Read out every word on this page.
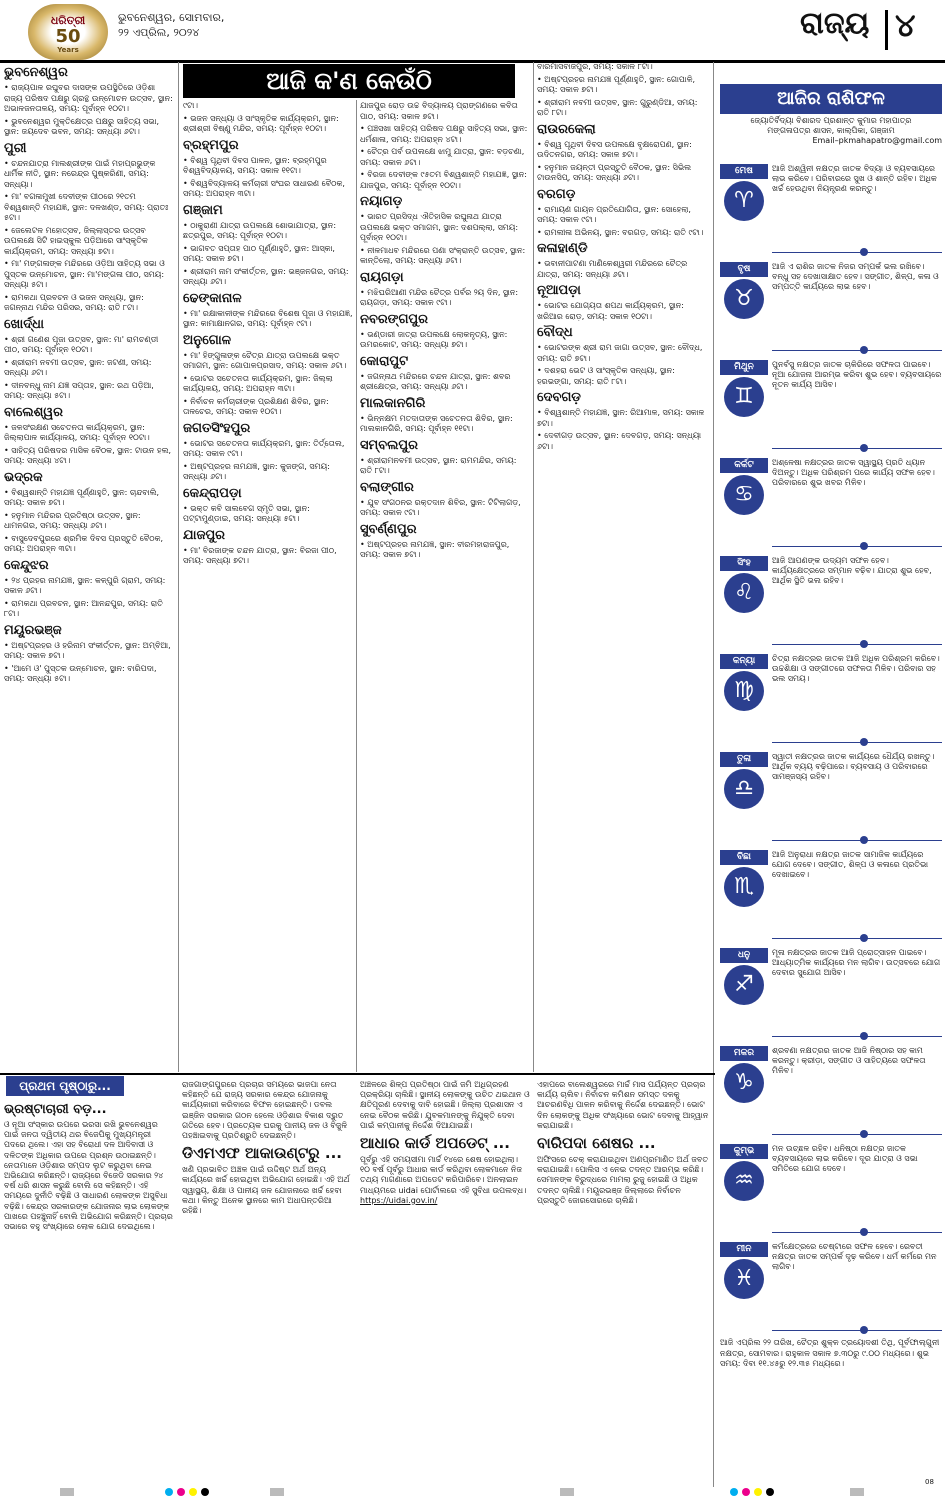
ଧରିତ୍ରୀ
50
Years
ଭୁବନେଶ୍ୱର, ସୋମବାର,
୨୨ ଏପ୍ରିଲ, ୨୦୨୪	ରାଜ୍ୟ ୪
ଆଜି କ'ଣ କେଉଁଠି
ଭୁବନେଶ୍ୱର

• ରାଜ୍ୟପାଳ ରଘୁବର ଦାସଙ୍କ ଉପସ୍ଥିତିରେ ଓଡ଼ିଶା ରାଜ୍ୟ ପରିଷଦ ପକ୍ଷରୁ ଗ୍ରନ୍ଥ ଉନ୍ମୋଚନ ଉତ୍ସବ, ସ୍ଥାନ: ଅଭାଳଜନତାଳୟ, ସମୟ: ପୂର୍ବାହ୍ନ ୧୦ଟା।

• ଭୁବନେଶ୍ୱର ମୁକ୍ତିକ୍ଷେତ୍ର ପକ୍ଷରୁ ସାହିତ୍ୟ ସଭା, ସ୍ଥାନ: ଜୟଦେବ ଭବନ, ସମୟ: ସନ୍ଧ୍ୟା ୬ଟା।

ପୁରୀ

• ଚନ୍ଦନଯାତ୍ରା ମାଲଶ୍ରୀଙ୍କ ପାଇଁ ମହାପ୍ରଭୁଙ୍କ ଧାର୍ମିକ ନୀତି, ସ୍ଥାନ: ନରେନ୍ଦ୍ର ପୁଷ୍କରିଣୀ, ସମୟ: ସନ୍ଧ୍ୟା।

• ମା' ବଗଳାମୁଖୀ ଦେବୀଙ୍କ ପୀଠରେ ୨୧ତମ ବିଶ୍ୱଶାନ୍ତି ମହାଯଜ୍ଞ, ସ୍ଥାନ: ଦଳଖଣ୍ଡ, ସମୟ: ପ୍ରାତଃ ୫ଟା।

• ଜେଲେଟଳ ମହୋତ୍ସବ, ଜିଲ୍ଲାସ୍ତର ଉତ୍ସବ ଉପଲକ୍ଷେ ସିଟି ହାଇସ୍କୁଲ ପଡ଼ିଆରେ ସାଂସ୍କୃତିକ କାର୍ଯ୍ୟକ୍ରମ, ସମୟ: ସନ୍ଧ୍ୟା ୭ଟା।

• ମା' ମଙ୍ଗଳାଙ୍କ ମନ୍ଦିରରେ ଓଡ଼ିଆ ସାହିତ୍ୟ ସଭା ଓ ପୁସ୍ତକ ଉନ୍ମୋଚନ, ସ୍ଥାନ: ମା'ମଙ୍ଗଳା ପୀଠ, ସମୟ: ସନ୍ଧ୍ୟା ୫ଟା।

• ରାମକଥା ପ୍ରବଚନ ଓ ଭଜନ ସନ୍ଧ୍ୟା, ସ୍ଥାନ: ଜଗନ୍ନାଥ ମନ୍ଦିର ପରିସର, ସମୟ: ରାତି ୮ଟା।

ଖୋର୍ଦ୍ଧା

• ଶ୍ରୀ ଗଣେଶ ପୂଜା ଉତ୍ସବ, ସ୍ଥାନ: ମା' ରାମଚଣ୍ଡୀ ପୀଠ, ସମୟ: ପୂର୍ବାହ୍ନ ୧୦ଟା।

• ଶ୍ରୀରାମ ନବମୀ ଉତ୍ସବ, ସ୍ଥାନ: ଜଟଣୀ, ସମୟ: ସନ୍ଧ୍ୟା ୬ଟା।

• ଦୀନବନ୍ଧୁ ନାମ ଯଜ୍ଞ ସପ୍ତାହ, ସ୍ଥାନ: ରଥ ପଡ଼ିଆ, ସମୟ: ସନ୍ଧ୍ୟା ୫ଟା।

ବାଲେଶ୍ୱର

• ଜଳସଂରକ୍ଷଣ ସଚେତନତା କାର୍ଯ୍ୟକ୍ରମ, ସ୍ଥାନ: ଜିଲ୍ଲାପାଳ କାର୍ଯ୍ୟାଳୟ, ସମୟ: ପୂର୍ବାହ୍ନ ୧୦ଟା।

• ସାହିତ୍ୟ ପରିଷଦର ମାସିକ ବୈଠକ, ସ୍ଥାନ: ଟାଉନ ହଲ, ସମୟ: ସନ୍ଧ୍ୟା ୪ଟା।

ଭଦ୍ରକ

• ବିଶ୍ୱଶାନ୍ତି ମହାଯଜ୍ଞ ପୂର୍ଣ୍ଣାହୁତି, ସ୍ଥାନ: ଚାନ୍ଦବାଲି, ସମୟ: ସକାଳ ୭ଟା।

• ହନୁମାନ ମନ୍ଦିରର ପ୍ରତିଷ୍ଠା ଉତ୍ସବ, ସ୍ଥାନ: ଧାମନଗର, ସମୟ: ସନ୍ଧ୍ୟା ୬ଟା।

• ବାସୁଦେବପୁରରେ ଶ୍ରମିକ ଦିବସ ପ୍ରସ୍ତୁତି ବୈଠକ, ସମୟ: ଅପରାହ୍ନ ୩ଟା।

କେନ୍ଦୁଝର

• ୨୪ ପ୍ରହର ନାମଯଜ୍ଞ, ସ୍ଥାନ: କଳ୍ପୁରି ଗ୍ରାମ, ସମୟ: ସକାଳ ୬ଟା।

• ରାମକଥା ପ୍ରବଚନ, ସ୍ଥାନ: ଆନନ୍ଦପୁର, ସମୟ: ରାତି ୮ଟା।

ମୟୂରଭଞ୍ଜ

• ଅଷ୍ଟପ୍ରହର ଓ ହରିନାମ ସଂକୀର୍ତ୍ତନ, ସ୍ଥାନ: ଅମ୍ବିଆ, ସମୟ: ସକାଳ ୭ଟା।

• 'ଆମେ ଓ' ପୁସ୍ତକ ଉନ୍ମୋଚନ, ସ୍ଥାନ: ବାରିପଦା, ସମୟ: ସନ୍ଧ୍ୟା ୫ଟା।

୯ଟା।

• ଭଜନ ସନ୍ଧ୍ୟା ଓ ସାଂସ୍କୃତିକ କାର୍ଯ୍ୟକ୍ରମ, ସ୍ଥାନ: ଶ୍ରୀଶ୍ରୀ ବିଷ୍ଣୁ ମନ୍ଦିର, ସମୟ: ପୂର୍ବାହ୍ନ ୧୦ଟା।

ବ୍ରହ୍ମପୁର

• ବିଶ୍ୱ ପୃଥିବୀ ଦିବସ ପାଳନ, ସ୍ଥାନ: ବ୍ରହ୍ମପୁର ବିଶ୍ୱବିଦ୍ୟାଳୟ, ସମୟ: ସକାଳ ୧୧ଟା।

• ବିଶ୍ୱବିଦ୍ୟାଳୟ କର୍ମଚାରୀ ସଂଘର ସାଧାରଣ ବୈଠକ, ସମୟ: ଅପରାହ୍ନ ୩ଟା।

ଗଞ୍ଜାମ

• ଠାକୁରାଣୀ ଯାତ୍ରା ଉପଲକ୍ଷେ ଶୋଭାଯାତ୍ରା, ସ୍ଥାନ: ଛତ୍ରପୁର, ସମୟ: ପୂର୍ବାହ୍ନ ୧୦ଟା।

• ଭାଗବତ ସପ୍ତାହ ପାଠ ପୂର୍ଣ୍ଣାହୁତି, ସ୍ଥାନ: ଆସ୍କା, ସମୟ: ସକାଳ ୭ଟା।

• ଶ୍ରୀରାମ ନାମ ସଂକୀର୍ତ୍ତନ, ସ୍ଥାନ: ଭଞ୍ଜନଗର, ସମୟ: ସନ୍ଧ୍ୟା ୬ଟା।

ଢେଙ୍କାନାଳ

• ମା' ରକ୍ଷାକାଳୀଙ୍କ ମନ୍ଦିରରେ ବିଶେଷ ପୂଜା ଓ ମହାଯଜ୍ଞ, ସ୍ଥାନ: କାମାକ୍ଷାନଗର, ସମୟ: ପୂର୍ବାହ୍ନ ୯ଟା।

ଅନୁଗୋଳ

• ମା' ହିଙ୍ଗୁଳାଙ୍କ ଚୈତ୍ର ଯାତ୍ରା ଉପଲକ୍ଷେ ଭକ୍ତ ସମାଗମ, ସ୍ଥାନ: ଗୋପାଳପ୍ରସାଦ, ସମୟ: ସକାଳ ୬ଟା।

• ଭୋଟର ସଚେତନତା କାର୍ଯ୍ୟକ୍ରମ, ସ୍ଥାନ: ଜିଲ୍ଲା କାର୍ଯ୍ୟାଳୟ, ସମୟ: ଅପରାହ୍ନ ୩ଟା।

• ନିର୍ବାଚନ କର୍ମଚାରୀଙ୍କ ପ୍ରଶିକ୍ଷଣ ଶିବିର, ସ୍ଥାନ: ତାଳଚେର, ସମୟ: ସକାଳ ୧୦ଟା।

ଜଗତସିଂହପୁର

• ଭୋଟର ସଚେତନତା କାର୍ଯ୍ୟକ୍ରମ, ସ୍ଥାନ: ତିର୍ତ୍ତୋଲ, ସମୟ: ସକାଳ ୯ଟା।

• ଅଷ୍ଟପ୍ରହର ନାମଯଜ୍ଞ, ସ୍ଥାନ: କୁଜଙ୍ଗ, ସମୟ: ସନ୍ଧ୍ୟା ୬ଟା।

କେନ୍ଦ୍ରାପଡ଼ା

• ଭକ୍ତ କବି ସାଲବେଗ ସ୍ମୃତି ସଭା, ସ୍ଥାନ: ପଟ୍ଟାମୁଣ୍ଡାଇ, ସମୟ: ସନ୍ଧ୍ୟା ୫ଟା।

ଯାଜପୁର

• ମା' ବିରଜାଙ୍କ ଚନ୍ଦନ ଯାତ୍ରା, ସ୍ଥାନ: ବିରଜା ପୀଠ, ସମୟ: ସନ୍ଧ୍ୟା ୭ଟା।

ଯାଜପୁର ରୋଡ଼ ଉଚ୍ଚ ବିଦ୍ୟାଳୟ ପ୍ରାଙ୍ଗଣରେ କବିତା ପାଠ, ସମୟ: ସକାଳ ୭ଟା।

• ପଞ୍ଚସଖା ସାହିତ୍ୟ ପରିଷଦ ପକ୍ଷରୁ ସାହିତ୍ୟ ସଭା, ସ୍ଥାନ: ଧର୍ମଶାଳା, ସମୟ: ଅପରାହ୍ନ ୪ଟା।

• ଚୈତ୍ର ପର୍ବ ଉପଲକ୍ଷେ ଝାମୁ ଯାତ୍ରା, ସ୍ଥାନ: ବଡ଼ଚଣା, ସମୟ: ସକାଳ ୬ଟା।

• ବିରଜା ଦେବୀଙ୍କ ୯୫ତମ ବିଶ୍ୱଶାନ୍ତି ମହାଯଜ୍ଞ, ସ୍ଥାନ: ଯାଜପୁର, ସମୟ: ପୂର୍ବାହ୍ନ ୧୦ଟା।

ନୟାଗଡ଼

• ଭାରତ ପ୍ରସିଦ୍ଧ ଐତିହାସିକ ରଘୁନାଥ ଯାତ୍ରା ଉପଲକ୍ଷେ ଭକ୍ତ ସମାଗମ, ସ୍ଥାନ: ଦଶପଲ୍ଲା, ସମୟ: ପୂର୍ବାହ୍ନ ୧୦ଟା।

• ନୀଳମାଧବ ମନ୍ଦିରରେ ପଣା ସଂକ୍ରାନ୍ତି ଉତ୍ସବ, ସ୍ଥାନ: କାନ୍ତିଲୋ, ସମୟ: ସନ୍ଧ୍ୟା ୬ଟା।

ରାୟଗଡ଼ା

• ମଝିଘରିଆଣୀ ମନ୍ଦିର ଚୈତ୍ର ପର୍ବର ୨ୟ ଦିନ, ସ୍ଥାନ: ରାୟଗଡ଼ା, ସମୟ: ସକାଳ ୯ଟା।

ନବରଙ୍ଗପୁର

• ଭଣ୍ଡାରୀ ଜାତ୍ରା ଉପଲକ୍ଷେ ଲୋକନୃତ୍ୟ, ସ୍ଥାନ: ଉମରକୋଟ, ସମୟ: ସନ୍ଧ୍ୟା ୭ଟା।

କୋରାପୁଟ

• ଜଗନ୍ନାଥ ମନ୍ଦିରରେ ଚନ୍ଦନ ଯାତ୍ରା, ସ୍ଥାନ: ଶବର ଶ୍ରୀକ୍ଷେତ୍ର, ସମୟ: ସନ୍ଧ୍ୟା ୬ଟା।

ମାଲକାନଗିରି

• ଭିନ୍ନକ୍ଷମ ମତଦାତାଙ୍କ ସଚେତନତା ଶିବିର, ସ୍ଥାନ: ମାଲକାନଗିରି, ସମୟ: ପୂର୍ବାହ୍ନ ୧୧ଟା।

ସମ୍ବଲପୁର

• ଶ୍ରୀରାମନବମୀ ଉତ୍ସବ, ସ୍ଥାନ: ରାମମନ୍ଦିର, ସମୟ: ରାତି ୮ଟା।

ବଲାଙ୍ଗୀର

• ଯୁବ ସଂଗଠନର ରକ୍ତଦାନ ଶିବିର, ସ୍ଥାନ: ଟିଟିଲାଗଡ଼, ସମୟ: ସକାଳ ୯ଟା।

ସୁବର୍ଣ୍ଣପୁର

• ଅଷ୍ଟପ୍ରହର ନାମଯଜ୍ଞ, ସ୍ଥାନ: ବୀରମହାରାଜପୁର, ସମୟ: ସକାଳ ୭ଟା।

ବାରମାସବାଜପୁର, ସମୟ: ସକାଳ ୮ଟା।

• ଅଷ୍ଟପ୍ରହର ନାମଯଜ୍ଞ ପୂର୍ଣ୍ଣାହୁତି, ସ୍ଥାନ: ଗୋପାଳି, ସମୟ: ସକାଳ ୭ଟା।

• ଶ୍ରୀରାମ ନବମୀ ଉତ୍ସବ, ସ୍ଥାନ: ଗୁରୁଣ୍ଡିଆ, ସମୟ: ରାତି ୮ଟା।

ରାଉରକେଲା

• ବିଶ୍ୱ ପୃଥିବୀ ଦିବସ ଉପଲକ୍ଷେ ବୃକ୍ଷରୋପଣ, ସ୍ଥାନ: ଉଦିତନଗର, ସମୟ: ସକାଳ ୭ଟା।

• ହନୁମାନ ଜୟନ୍ତୀ ପ୍ରସ୍ତୁତି ବୈଠକ, ସ୍ଥାନ: ସିଭିଲ ଟାଉନସିପ୍, ସମୟ: ସନ୍ଧ୍ୟା ୬ଟା।

ବରଗଡ଼

• ରାମାୟଣ ଗାୟନ ପ୍ରତିଯୋଗିତା, ସ୍ଥାନ: ସୋହେଲା, ସମୟ: ସକାଳ ୯ଟା।

• ରାମଲୀଳା ଅଭିନୟ, ସ୍ଥାନ: ବରଗଡ଼, ସମୟ: ରାତି ୯ଟା।

କଳାହାଣ୍ଡି

• ଭବାନୀପାଟଣା ମାଣିକେଶ୍ୱରୀ ମନ୍ଦିରରେ ଚୈତ୍ର ଯାତ୍ରା, ସମୟ: ସନ୍ଧ୍ୟା ୬ଟା।

ନୂଆପଡ଼ା

• ଭୋଟର ଯୋଗ୍ୟତା ଶପଥ କାର୍ଯ୍ୟକ୍ରମ, ସ୍ଥାନ: ଖରିଆର ରୋଡ଼, ସମୟ: ସକାଳ ୧୦ଟା।

ବୌଦ୍ଧ

• ଭୋଟରଙ୍କ ଶ୍ରୀ ରାମ ଜାଗା ଉତ୍ସବ, ସ୍ଥାନ: ବୌଦ୍ଧ, ସମୟ: ରାତି ୭ଟା।

• ଦଶହରା ଭେଟ ଓ ସାଂସ୍କୃତିକ ସନ୍ଧ୍ୟା, ସ୍ଥାନ: ହରଭଙ୍ଗା, ସମୟ: ରାତି ୮ଟା।

ଦେବଗଡ଼

• ବିଶ୍ୱଶାନ୍ତି ମହାଯଜ୍ଞ, ସ୍ଥାନ: ରିଆମାଳ, ସମୟ: ସକାଳ ୭ଟା।

• ଦେବୀଗଡ଼ ଉତ୍ସବ, ସ୍ଥାନ: ଦେବଗଡ଼, ସମୟ: ସନ୍ଧ୍ୟା ୬ଟା।

ଆଜିର ରାଶିଫଳ
ଜ୍ୟୋତିର୍ବିଦ୍ୟା ବିଶାରଦ ପ୍ରଶାନ୍ତ କୁମାର ମହାପାତ୍ର
ମଙ୍ଗଳାପତ୍ର ଶାସନ, କାଲ୍ପିକା, ଗଞ୍ଜାମ
Email–pkmahapatro@gmail.com
ମେଷ
♈
ଆଜି ଅଶ୍ୱିନୀ ନକ୍ଷତ୍ର ଜାତକ ବିଦ୍ୟା ଓ ବ୍ୟବସାୟରେ ଲାଭ କରିବେ। ପରିବାରରେ ସୁଖ ଓ ଶାନ୍ତି ରହିବ। ଅଧିକ ଖର୍ଚ୍ଚ ହେଉଥିବା ନିୟନ୍ତ୍ରଣ କରନ୍ତୁ।
ବୃଷ
♉
ଆଜି ଏ ରାଶିର ଜାତକ ନିଜର ସମ୍ପର୍କ ଭଲ ରଖିବେ। ବନ୍ଧୁ ସହ ଦେଖାସାକ୍ଷାତ ହେବ। ସଙ୍ଗୀତ, ଶିଳ୍ପ, କଳା ଓ ସମ୍ପତ୍ତି କାର୍ଯ୍ୟରେ ଲାଭ ହେବ।
ମିଥୁନ
♊
ପୁନର୍ବସୁ ନକ୍ଷତ୍ର ଜାତକ ଚାକିରିରେ ସଫଳତା ପାଇବେ। ନୂଆ ଯୋଜନା ଆରମ୍ଭ କରିବା ଶୁଭ ହେବ। ବ୍ୟବସାୟରେ ନୂତନ କାର୍ଯ୍ୟ ଆସିବ।
କର୍କଟ
♋
ଅଶ୍ଳେଷା ନକ୍ଷତ୍ରର ଜାତକ ସ୍ୱାସ୍ଥ୍ୟ ପ୍ରତି ଧ୍ୟାନ ଦିଅନ୍ତୁ। ଅଧିକ ପରିଶ୍ରମ ପରେ କାର୍ଯ୍ୟ ସଫଳ ହେବ। ପରିବାରରେ ଶୁଭ ଖବର ମିଳିବ।
ସିଂହ
♌
ଆଜି ଆପଣଙ୍କ ଉଦ୍ୟମ ସଫଳ ହେବ। କାର୍ଯ୍ୟକ୍ଷେତ୍ରରେ ସମ୍ମାନ ବଢ଼ିବ। ଯାତ୍ରା ଶୁଭ ହେବ, ଆର୍ଥିକ ସ୍ଥିତି ଭଲ ରହିବ।
କନ୍ୟା
♍
ଚିତ୍ରା ନକ୍ଷତ୍ରର ଜାତକ ଆଜି ଅଧିକ ପରିଶ୍ରମ କରିବେ। ଉଚ୍ଚଶିକ୍ଷା ଓ ସଙ୍ଗୀତରେ ସଫଳତା ମିଳିବ। ପରିବାର ସହ ଭଲ ସମୟ।
ତୁଳା
♎
ସ୍ୱାତୀ ନକ୍ଷତ୍ରର ଜାତକ କାର୍ଯ୍ୟରେ ଧୈର୍ଯ୍ୟ ରଖନ୍ତୁ। ଆର୍ଥିକ ବ୍ୟୟ ବଢ଼ିପାରେ। ବ୍ୟବସାୟ ଓ ପରିବାରରେ ସାମଞ୍ଜସ୍ୟ ରହିବ।
ବିଛା
♏
ଆଜି ଅନୁରାଧା ନକ୍ଷତ୍ର ଜାତକ ସାମାଜିକ କାର୍ଯ୍ୟରେ ଯୋଗ ଦେବେ। ସଙ୍ଗୀତ, ଶିଳ୍ପ ଓ କଳାରେ ପ୍ରତିଭା ଦେଖାଇବେ।
ଧନୁ
♐
ମୂଳା ନକ୍ଷତ୍ରର ଜାତକ ଆଜି ପ୍ରୋତ୍ସାହନ ପାଇବେ। ଆଧ୍ୟାତ୍ମିକ କାର୍ଯ୍ୟରେ ମନ ଲାଗିବ। ଉତ୍ସବରେ ଯୋଗ ଦେବାର ସୁଯୋଗ ଆସିବ।
ମକର
♑
ଶ୍ରବଣା ନକ୍ଷତ୍ରର ଜାତକ ଆଜି ନିଷ୍ଠାର ସହ କାମ କରନ୍ତୁ। କ୍ରୀଡ଼ା, ସଙ୍ଗୀତ ଓ ସାହିତ୍ୟରେ ସଫଳତା ମିଳିବ।
କୁମ୍ଭ
♒
ମନ ଉଚ୍ଛଳ ରହିବ। ଧନିଷ୍ଠା ନକ୍ଷତ୍ର ଜାତକ ବ୍ୟବସାୟରେ ଲାଭ କରିବେ। ଦୂର ଯାତ୍ରା ଓ ସଭା ସମିତିରେ ଯୋଗ ଦେବେ।
ମୀନ
♓
କର୍ମକ୍ଷେତ୍ରରେ ଚେଷ୍ଟାରେ ସଫଳ ହେବେ। ରେବତୀ ନକ୍ଷତ୍ର ଜାତକ ସମ୍ପର୍କ ଦୃଢ଼ କରିବେ। ଧର୍ମ କର୍ମରେ ମନ ଲାଗିବ।
ଆଜି ଏପ୍ରିଲ ୨୨ ତାରିଖ, ଚୈତ୍ର ଶୁକ୍ଳ ତ୍ରୟୋଦଶୀ ତିଥି, ପୂର୍ବଫାଲ୍ଗୁନୀ ନକ୍ଷତ୍ର, ସୋମବାର। ରାହୁକାଳ ସକାଳ ୭.୩୦ରୁ ୯.୦୦ ମଧ୍ୟରେ। ଶୁଭ ସମୟ: ଦିବା ୧୧.୪୫ରୁ ୧୨.୩୫ ମଧ୍ୟରେ।
ପ୍ରଥମ ପୃଷ୍ଠାରୁ...
ଭ୍ରଷ୍ଟାଚାରୀ ବଡ଼...
ଓ ନୂଆ ସଂସ୍କାର ଉପରେ ଭରସା ରଖି ଭୁବନେଶ୍ୱର ପାଇଁ ଜନତା ଦ୍ୱିତୀୟ ଥର ବିଜେପିକୁ ମୁଖ୍ୟମନ୍ତ୍ରୀ ପଦରେ ଥିଲେ। ଏହା ସହ ବିରୋଧୀ ଦଳ ଆଦିବାସୀ ଓ ଦଳିତଙ୍କ ଅଧିକାର ଉପରେ ପ୍ରଶ୍ନ ଉଠାଇଛନ୍ତି। ନେତାମାନେ ଓଡ଼ିଶାର ସମ୍ପଦ ଲୁଟ କରୁଥିବା ନେଇ ଅଭିଯୋଗ କରିଛନ୍ତି। ରାଜ୍ୟରେ ବିଜେଡି ସରକାର ୨୪ ବର୍ଷ ଧରି ଶାସନ କରୁଛି ବୋଲି ସେ କହିଛନ୍ତି। ଏହି ସମୟରେ ଦୁର୍ନୀତି ବଢ଼ିଛି ଓ ସାଧାରଣ ଲୋକଙ୍କ ଅସୁବିଧା ବଢ଼ିଛି। କେନ୍ଦ୍ର ସରକାରଙ୍କ ଯୋଜନାର ଲାଭ ଲୋକଙ୍କ ପାଖରେ ପହଞ୍ଚୁନାହିଁ ବୋଲି ଅଭିଯୋଗ କରିଛନ୍ତି। ପ୍ରଚାର ସଭାରେ ବହୁ ସଂଖ୍ୟାରେ ଲୋକ ଯୋଗ ଦେଇଥିଲେ।
ରାଜଗାଙ୍ଗପୁରରେ ପ୍ରଚାର ସମୟରେ ଭାଜପା ନେତା କହିଛନ୍ତି ଯେ ରାଜ୍ୟ ସରକାର କେନ୍ଦ୍ର ଯୋଜନାକୁ କାର୍ଯ୍ୟକାରୀ କରିବାରେ ବିଫଳ ହୋଇଛନ୍ତି। ଡବଲ ଇଞ୍ଜିନ ସରକାର ଗଠନ ହେଲେ ଓଡ଼ିଶାର ବିକାଶ ଦ୍ରୁତ ଗତିରେ ହେବ। ପ୍ରତ୍ୟେକ ଘରକୁ ପାନୀୟ ଜଳ ଓ ବିଜୁଳି ପହଞ୍ଚାଇବାକୁ ପ୍ରତିଶ୍ରୁତି ଦେଇଛନ୍ତି।
ଡିଏମଏଫ ଆକାଉଣ୍ଟରୁ ...
ଖଣି ପ୍ରଭାବିତ ଅଞ୍ଚଳ ପାଇଁ ଉଦ୍ଦିଷ୍ଟ ଅର୍ଥ ଅନ୍ୟ କାର୍ଯ୍ୟରେ ଖର୍ଚ୍ଚ ହୋଇଥିବା ଅଭିଯୋଗ ହୋଇଛି। ଏହି ଅର୍ଥ ସ୍ୱାସ୍ଥ୍ୟ, ଶିକ୍ଷା ଓ ପାନୀୟ ଜଳ ଯୋଜନାରେ ଖର୍ଚ୍ଚ ହେବା କଥା। କିନ୍ତୁ ଅନେକ ସ୍ଥାନରେ କାମ ଅଧାପନ୍ତରିଆ ରହିଛି।
ଅଞ୍ଚଳରେ ଶିଳ୍ପ ପ୍ରତିଷ୍ଠା ପାଇଁ ଜମି ଅଧିଗ୍ରହଣ ପ୍ରକ୍ରିୟା ଚାଲିଛି। ସ୍ଥାନୀୟ ଲୋକଙ୍କୁ ଉଚିତ ଥଇଥାନ ଓ କ୍ଷତିପୂରଣ ଦେବାକୁ ଦାବି ହୋଇଛି। ଜିଲ୍ଲା ପ୍ରଶାସନ ଏ ନେଇ ବୈଠକ କରିଛି। ଯୁବକମାନଙ୍କୁ ନିଯୁକ୍ତି ଦେବା ପାଇଁ କମ୍ପାନୀକୁ ନିର୍ଦ୍ଦେଶ ଦିଆଯାଇଛି।
ଆଧାର କାର୍ଡ ଅପଡେଟ୍ ...
ପୂର୍ବରୁ ଏହି ସମୟସୀମା ମାର୍ଚ୍ଚ ୧୪ରେ ଶେଷ ହୋଇଥିଲା। ୧୦ ବର୍ଷ ପୂର୍ବରୁ ଆଧାର କାର୍ଡ କରିଥିବା ଲୋକମାନେ ନିଜ ତଥ୍ୟ ମାଗଣାରେ ଅପଡେଟ କରିପାରିବେ। ଅନଲାଇନ ମାଧ୍ୟମରେ uidai ପୋର୍ଟାଲରେ ଏହି ସୁବିଧା ଉପଲବ୍ଧ।
https://uidai.gov.in/
ଏହାପରେ ବାଲେଶ୍ୱରରେ ମାର୍ଚ୍ଚ ମାସ ପର୍ଯ୍ୟନ୍ତ ପ୍ରଚାର କାର୍ଯ୍ୟ ଚାଲିବ। ନିର୍ବାଚନ କମିଶନ ସମସ୍ତ ଦଳକୁ ଆଚରଣବିଧି ପାଳନ କରିବାକୁ ନିର୍ଦ୍ଦେଶ ଦେଇଛନ୍ତି। ଭୋଟ ଦିନ ଲୋକଙ୍କୁ ଅଧିକ ସଂଖ୍ୟାରେ ଭୋଟ ଦେବାକୁ ଆହ୍ୱାନ କରାଯାଇଛି।
ବାରିପଦା ଶେଷର ...
ଅଫିସରେ ଚେକ୍ କରାଯାଇଥିବା ଅଣପ୍ରମାଣିତ ଅର୍ଥ ଜବତ କରାଯାଇଛି। ପୋଲିସ ଏ ନେଇ ତଦନ୍ତ ଆରମ୍ଭ କରିଛି। ସେମାନଙ୍କ ବିରୁଦ୍ଧରେ ମାମଲା ରୁଜୁ ହୋଇଛି ଓ ଅଧିକ ତଦନ୍ତ ଚାଲିଛି। ମୟୂରଭଞ୍ଜ ଜିଲ୍ଲାରେ ନିର୍ବାଚନ ପ୍ରସ୍ତୁତି ଜୋରସୋରରେ ଚାଲିଛି।
08
